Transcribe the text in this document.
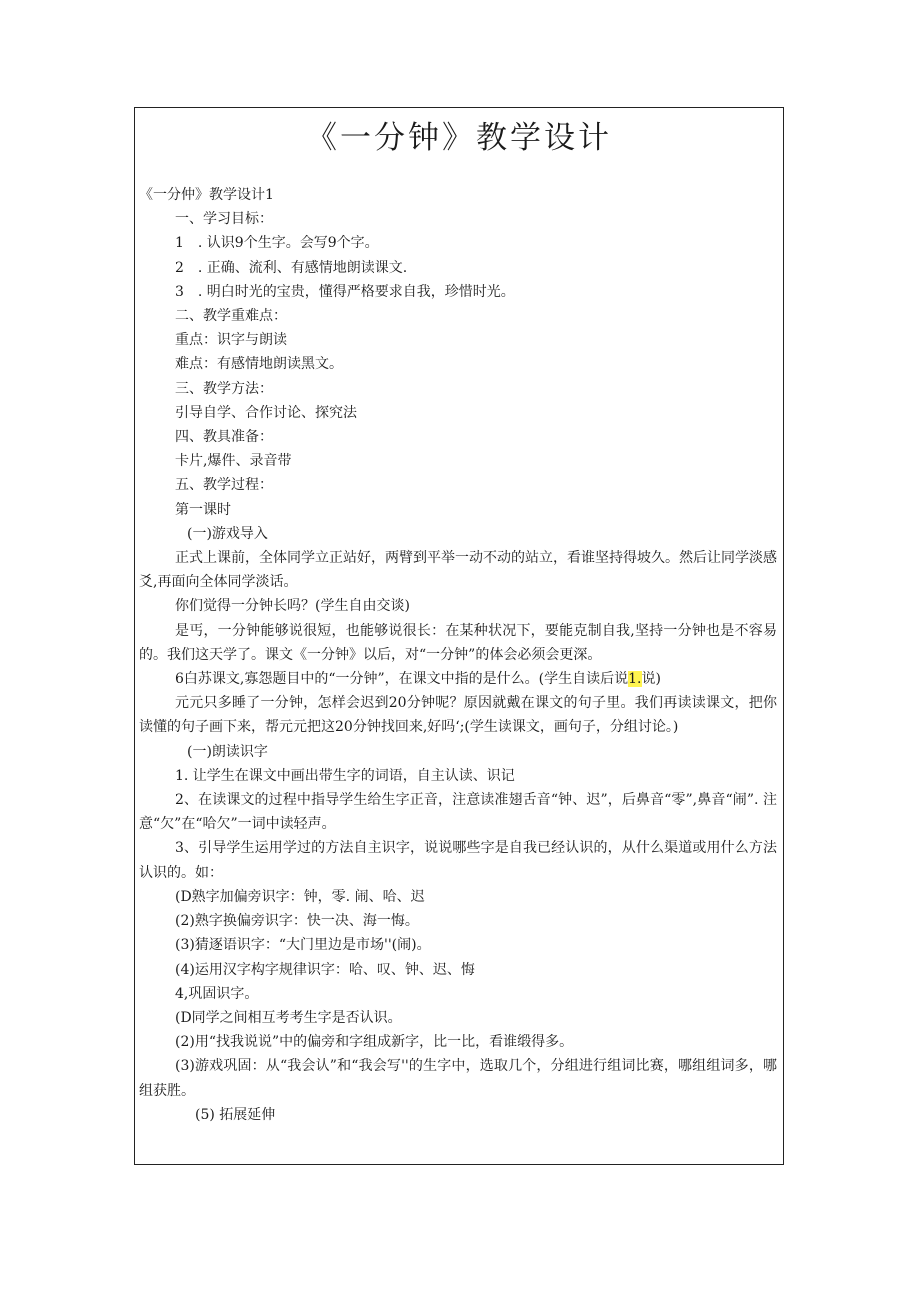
《一分钟》教学设计

《一分仲》教学设计1

一、学习目标：

1　. 认识9个生字。会写9个字。

2　. 正确、流利、有感情地朗读课文.

3　. 明白时光的宝贵，懂得严格要求自我，珍惜时光。

二、教学重难点：

重点：识字与朗读

难点：有感情地朗读黑文。

三、教学方法：

引导自学、合作讨论、探究法

四、教具准备：

卡片,爆件、录音带

五、教学过程：

第一课时

(一)游戏导入

正式上课前，全体同学立正站好，两臂到平举一动不动的站立，看谁坚持得坡久。然后让同学淡感爻,再面向全体同学淡话。

你们觉得一分钟长吗？(学生自由交谈)

是丐，一分钟能够说很短，也能够说很长：在某种状况下，要能克制自我,坚持一分钟也是不容易的。我们这天学了。课文《一分钟》以后，对“一分钟”的体会必须会更深。

6白苏课文,寡怨题目中的“一分钟”，在课文中指的是什么。(学生自读后说1.说)

元元只多睡了一分钟，怎样会迟到20分钟呢？原因就戴在课文的句子里。我们再读读课文，把你读懂的句子画下来，帮元元把这20分钟找回来,好吗‘;(学生读课文，画句子，分组讨论。)

(一)朗读识字

1. 让学生在课文中画出带生字的词语，自主认读、识记

2、在读课文的过程中指导学生给生字正音，注意读准翅舌音“钟、迟”，后鼻音“零”,鼻音“闹”. 注意“欠”在“哈欠”一词中读轻声。

3、引导学生运用学过的方法自主识字，说说哪些字是自我已经认识的，从什么渠道或用什么方法认识的。如：

(D熟字加偏旁识字：钟，零. 闹、哈、迟

(2)熟字换偏旁识字：快一决、海一悔。

(3)猜逐语识字：“大门里边是市场''(闹)。

(4)运用汉字构字规律识字：哈、叹、钟、迟、悔

4,巩固识字。

(D同学之间相互考考生字是否认识。

(2)用“找我说说”中的偏旁和字组成新字，比一比，看谁缎得多。

(3)游戏巩固：从“我会认”和“我会写''的生字中，选取几个，分组进行组词比赛，哪组组词多，哪组获胜。

(5) 拓展延伸
